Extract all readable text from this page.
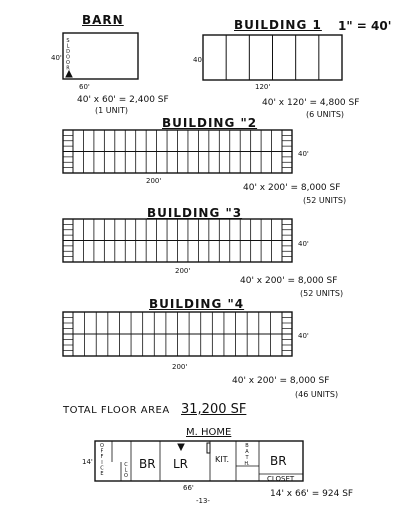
S
L
D
O
O
R
O
F
F
I
C
E
C
L
O
B
A
T
H.
1" = 40'
BARN
40'
60'
40' x 60' = 2,400 SF
(1 UNIT)
BUILDING 1
40'
120'
40' x 120' = 4,800 SF
(6 UNITS)
BUILDING "2
40'
200'
40' x 200' = 8,000 SF
(52 UNITS)
BUILDING "3
40'
200'
40' x 200' = 8,000 SF
(52 UNITS)
BUILDING "4
40'
200'
40' x 200' = 8,000 SF
(46 UNITS)
TOTAL FLOOR AREA 31,200 SF
M. HOME
14'
66'
BR LR	KIT.	BR
CLOSET
14' x 66' = 924 SF
-13-
